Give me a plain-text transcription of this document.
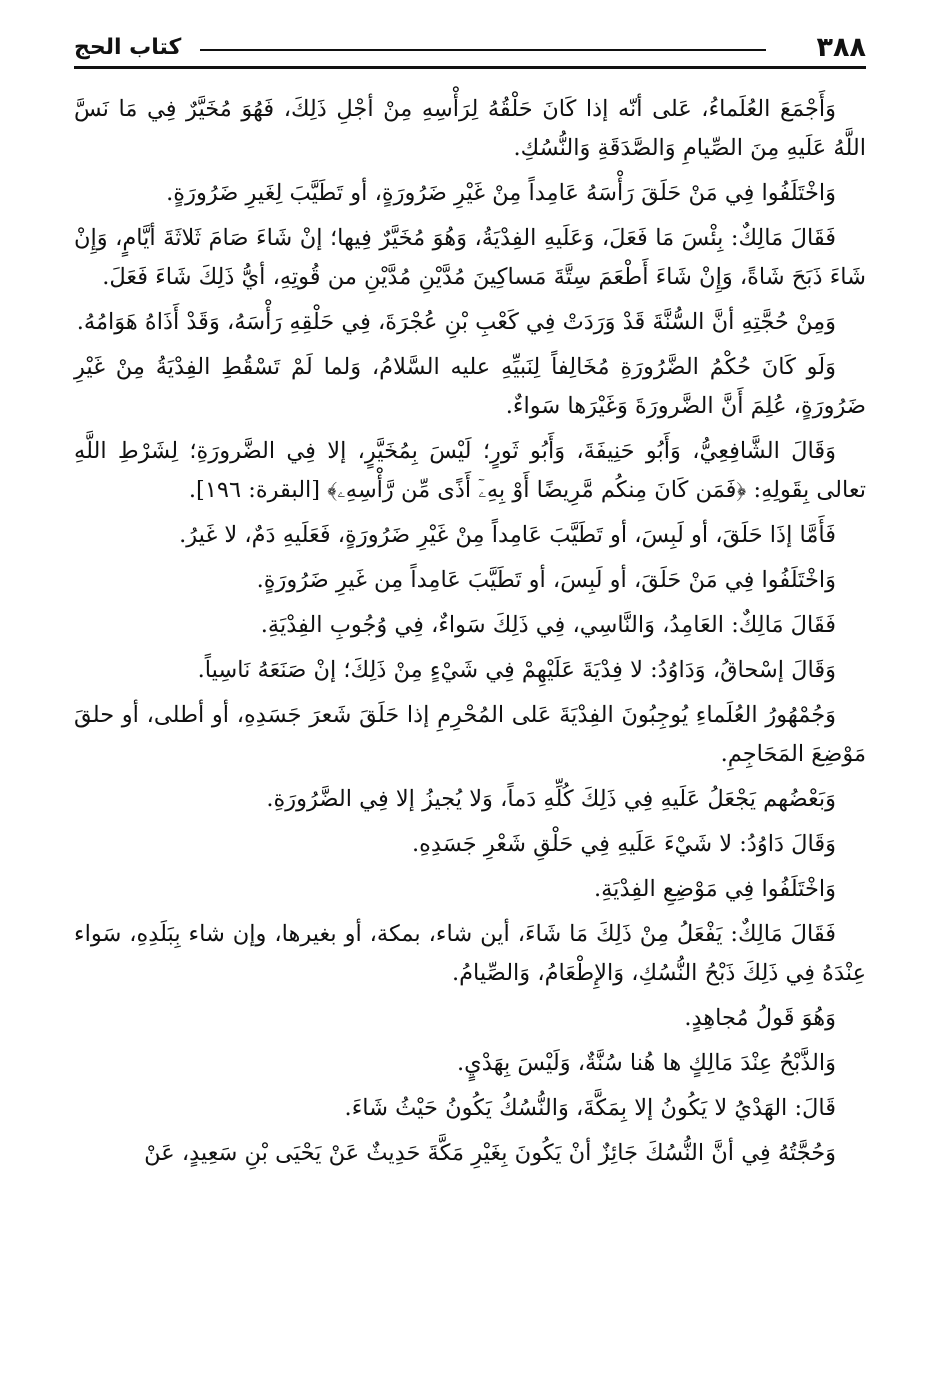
٣٨٨
كتاب الحج

وَأَجْمَعَ العُلَماءُ، عَلى أنّه إذا كَانَ حَلْقُهُ لِرَأْسِهِ مِنْ أجْلِ ذَلِكَ، فَهُوَ مُخَيَّرٌ فِي مَا نَسَّ اللَّهُ عَلَيهِ مِنَ الصِّيامِ وَالصَّدَقَةِ وَالنُّسُكِ.

وَاخْتَلَفُوا فِي مَنْ حَلَقَ رَأْسَهُ عَامِداً مِنْ غَيْرِ ضَرُورَةٍ، أو تَطَيَّبَ لِغَيرِ ضَرُورَةٍ.

فَقَالَ مَالِكٌ: بِئْسَ مَا فَعَلَ، وَعَلَيهِ الفِدْيَةُ، وَهُوَ مُخَيَّرٌ فِيها؛ إنْ شَاءَ صَامَ ثَلاثَةَ أيَّامٍ، وَإِنْ شَاءَ ذَبَحَ شَاةً، وَإِنْ شَاءَ أَطْعَمَ سِتَّةَ مَساكِينَ مُدَّيْنِ مُدَّيْنِ من قُوتِهِ، أيُّ ذَلِكَ شَاءَ فَعَلَ.

وَمِنْ حُجَّتِهِ أنَّ السُّنَّةَ قَدْ وَرَدَتْ فِي كَعْبِ بْنِ عُجْرَةَ، فِي حَلْقِهِ رَأْسَهُ، وَقَدْ أَذَاهُ هَوَامُهُ.

وَلَو كَانَ حُكْمُ الضَّرُورَةِ مُخَالِفاً لِنَبيِّهِ عليه السَّلامُ، وَلما لَمْ تَسْقُطِ الفِدْيَةُ مِنْ غَيْرِ ضَرُورَةٍ، عُلِمَ أَنَّ الضَّرورَةَ وَغَيْرَها سَواءٌ.

وَقَالَ الشَّافِعِيُّ، وَأَبُو حَنِيفَةَ، وَأَبُو ثَورٍ؛ لَيْسَ بِمُخَيَّرٍ، إلا فِي الضَّرورَةِ؛ لِشَرْطِ اللَّهِ تعالى بِقَولِهِ: ﴿فَمَن كَانَ مِنكُم مَّرِيضًا أَوْ بِهِۦٓ أَذًى مِّن رَّأْسِهِۦ﴾ [البقرة: ١٩٦].

فَأَمَّا إذَا حَلَقَ، أو لَبِسَ، أو تَطَيَّبَ عَامِداً مِنْ غَيْرِ ضَرُورَةٍ، فَعَلَيهِ دَمٌ، لا غَيرُ.

وَاخْتَلَفُوا فِي مَنْ حَلَقَ، أو لَبِسَ، أو تَطَيَّبَ عَامِداً مِن غَيرِ ضَرُورَةٍ.

فَقَالَ مَالِكٌ: العَامِدُ، وَالنَّاسِي، فِي ذَلِكَ سَواءٌ، فِي وُجُوبِ الفِدْيَةِ.

وَقَالَ إسْحاقُ، وَدَاوُدُ: لا فِدْيَةَ عَلَيْهِمْ فِي شَيْءٍ مِنْ ذَلِكَ؛ إنْ صَنَعَهُ نَاسِياً.

وَجُمْهُورُ العُلَماءِ يُوجِبُونَ الفِدْيَةَ عَلى المُحْرِمِ إذا حَلَقَ شَعرَ جَسَدِهِ، أو أطلى، أو حلقَ مَوْضِعَ المَحَاجِمِ.

وَبَعْضُهم يَجْعَلُ عَلَيهِ فِي ذَلِكَ كُلِّهِ دَماً، وَلا يُجيزُ إلا فِي الضَّرُورَةِ.

وَقَالَ دَاوُدُ: لا شَيْءَ عَلَيهِ فِي حَلْقِ شَعْرِ جَسَدِهِ.

وَاخْتَلَفُوا فِي مَوْضِعِ الفِدْيَةِ.

فَقَالَ مَالِكٌ: يَفْعَلُ مِنْ ذَلِكَ مَا شَاءَ، أين شاء، بمكة، أو بغيرها، وإن شاء بِبَلَدِهِ، سَواء عِنْدَهُ فِي ذَلِكَ ذَبْحُ النُّسُكِ، وَالإِطْعَامُ، وَالصِّيامُ.

وَهُوَ قَولُ مُجاهِدٍ.

وَالذَّبْحُ عِنْدَ مَالِكٍ ها هُنا سُنَّةٌ، وَلَيْسَ بِهَدْيٍ.

قَالَ: الهَدْيُ لا يَكُونُ إلا بِمَكَّةَ، وَالنُّسُكُ يَكُونُ حَيْثُ شَاءَ.

وَحُجَّتُهُ فِي أنَّ النُّسُكَ جَائِزٌ أنْ يَكُونَ بِغَيْرِ مَكَّةَ حَدِيثٌ عَنْ يَحْيَى بْنِ سَعِيدٍ، عَنْ
